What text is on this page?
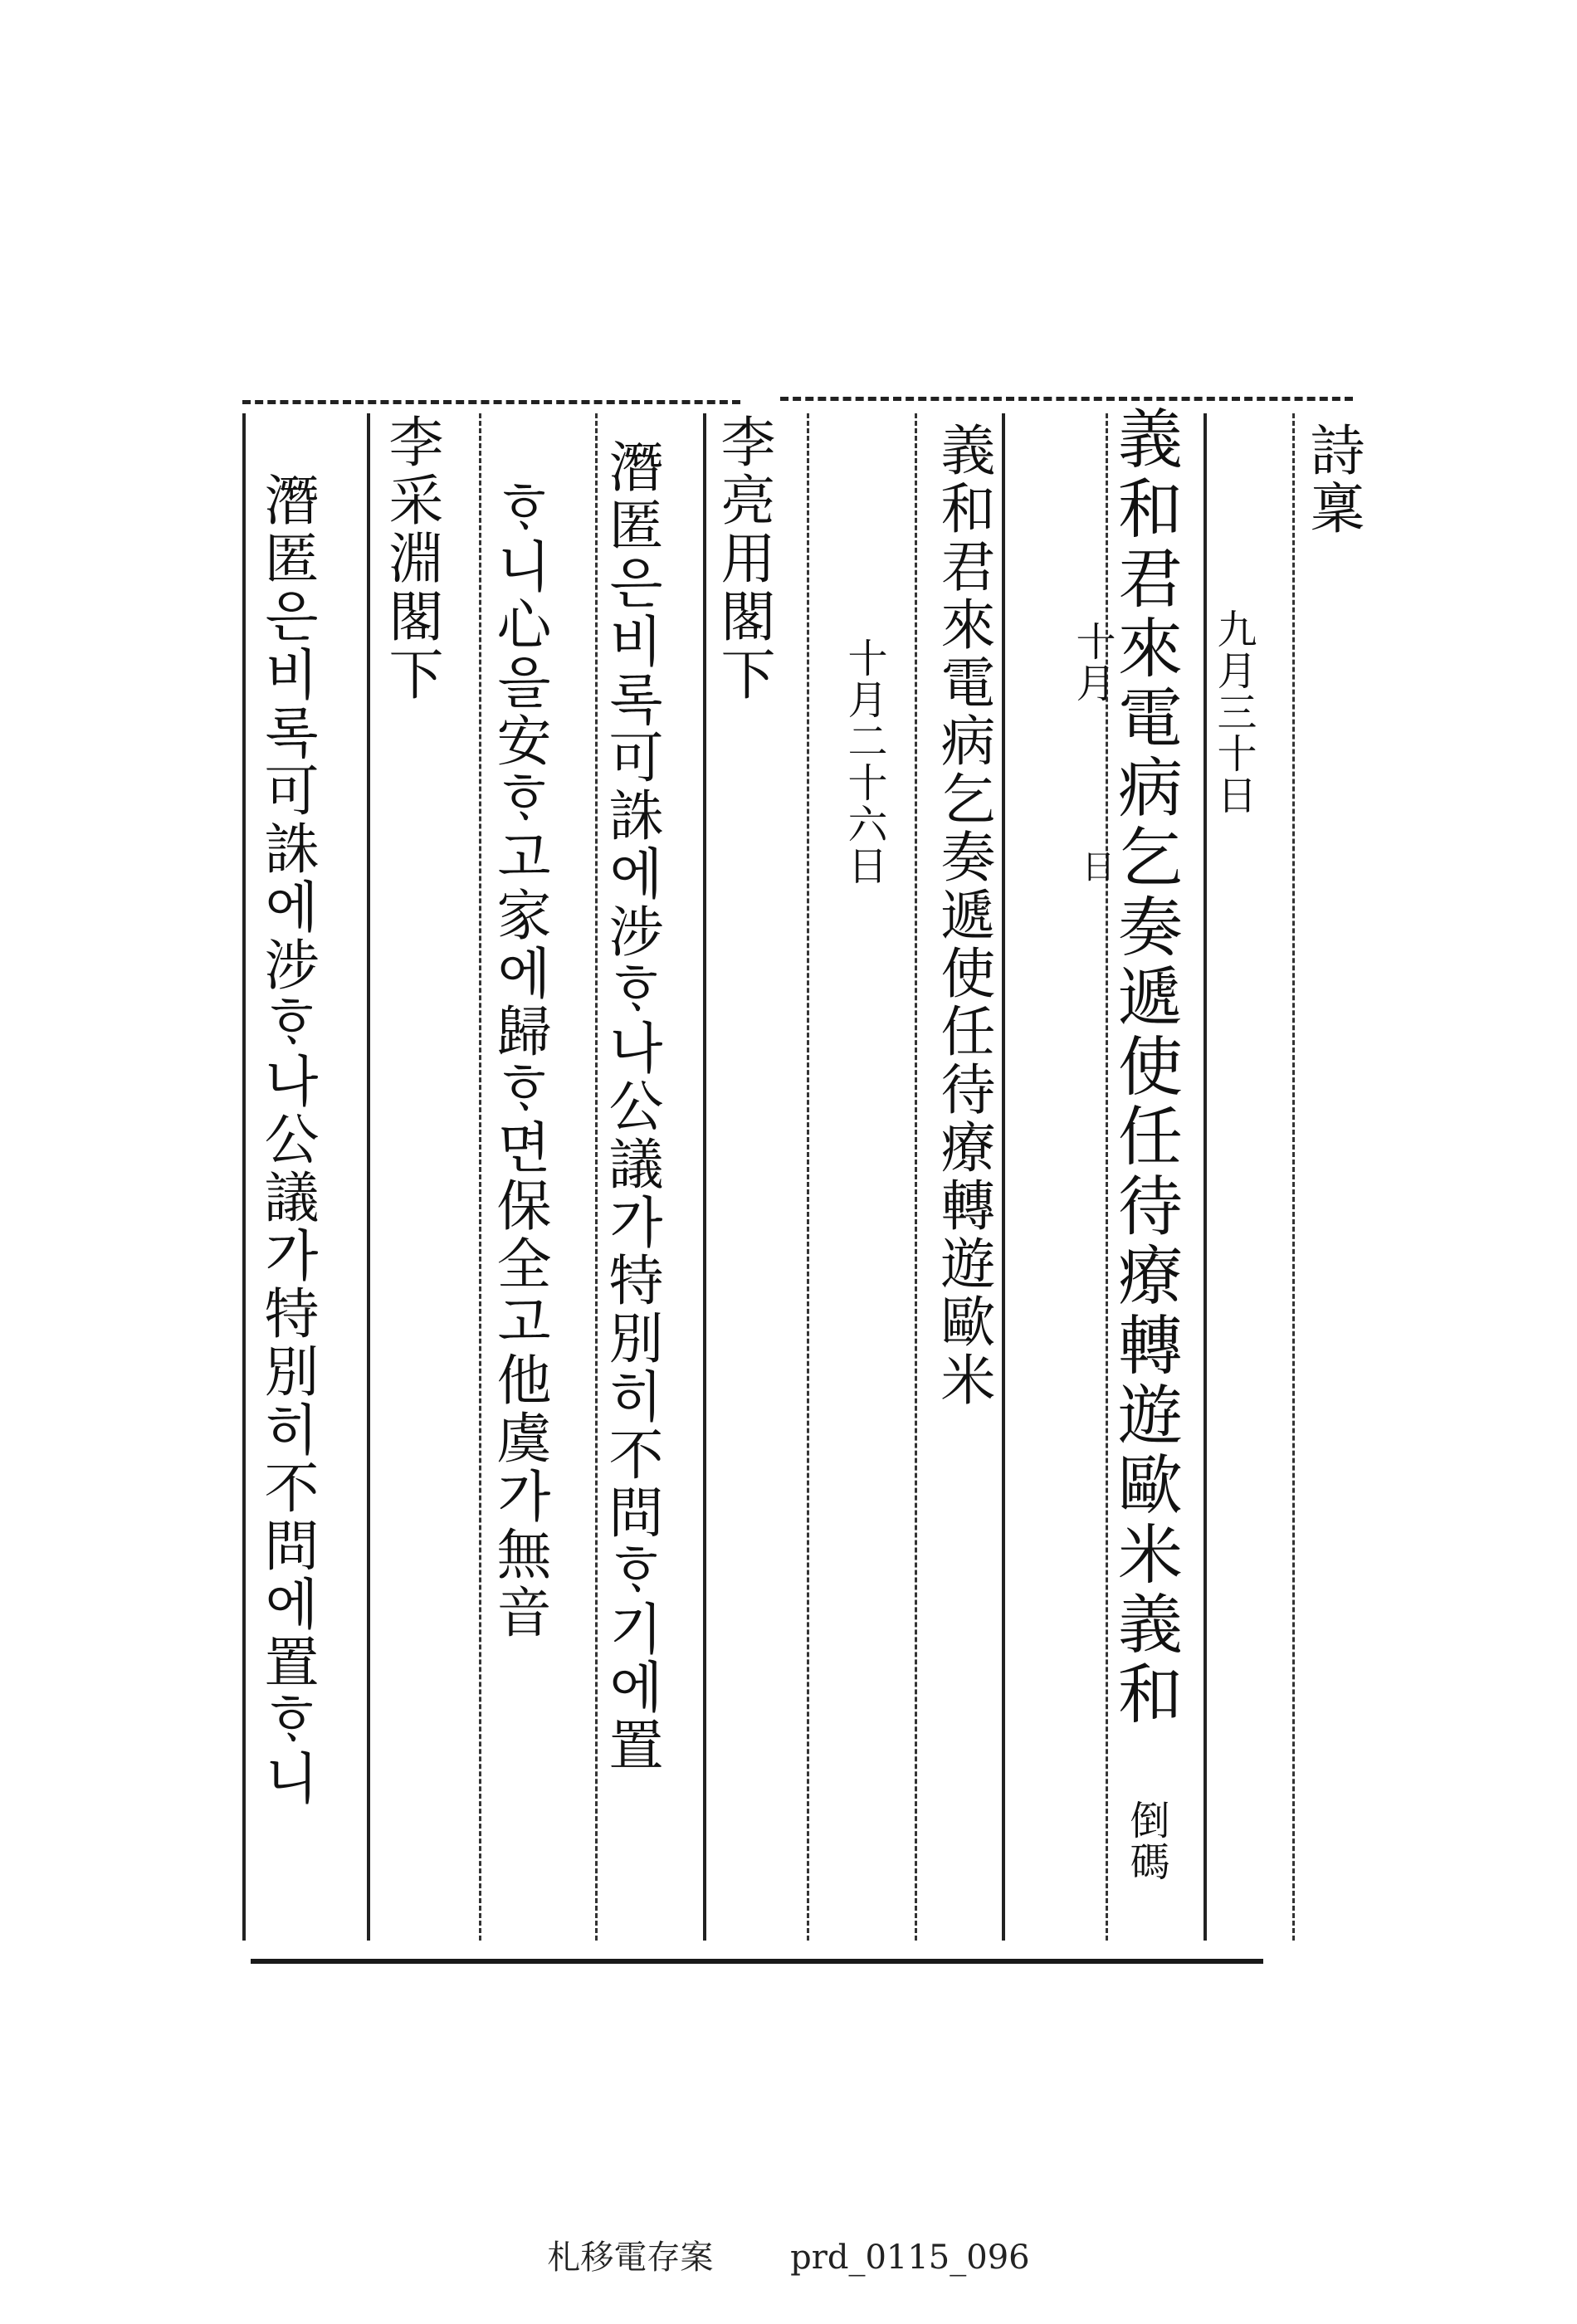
詩稟
九月三十日
義和君來電病乞奏遞使任待療轉遊歐米義和
倒碼
十月
日
義和君來電病乞奏遞使任待療轉遊歐米
十月二十六日
李亮用閣下
潛匿은비록可誅에涉ᄒᆞ나公議가特別히不問ᄒᆞ기에置
ᄒᆞ니心을安ᄒᆞ고家에歸ᄒᆞ면保全고他虞가無音
李采淵閣下
潛匿은비록可誅에涉ᄒᆞ나公議가特別히不問에置ᄒᆞ니
札移電存案 prd_0115_096
